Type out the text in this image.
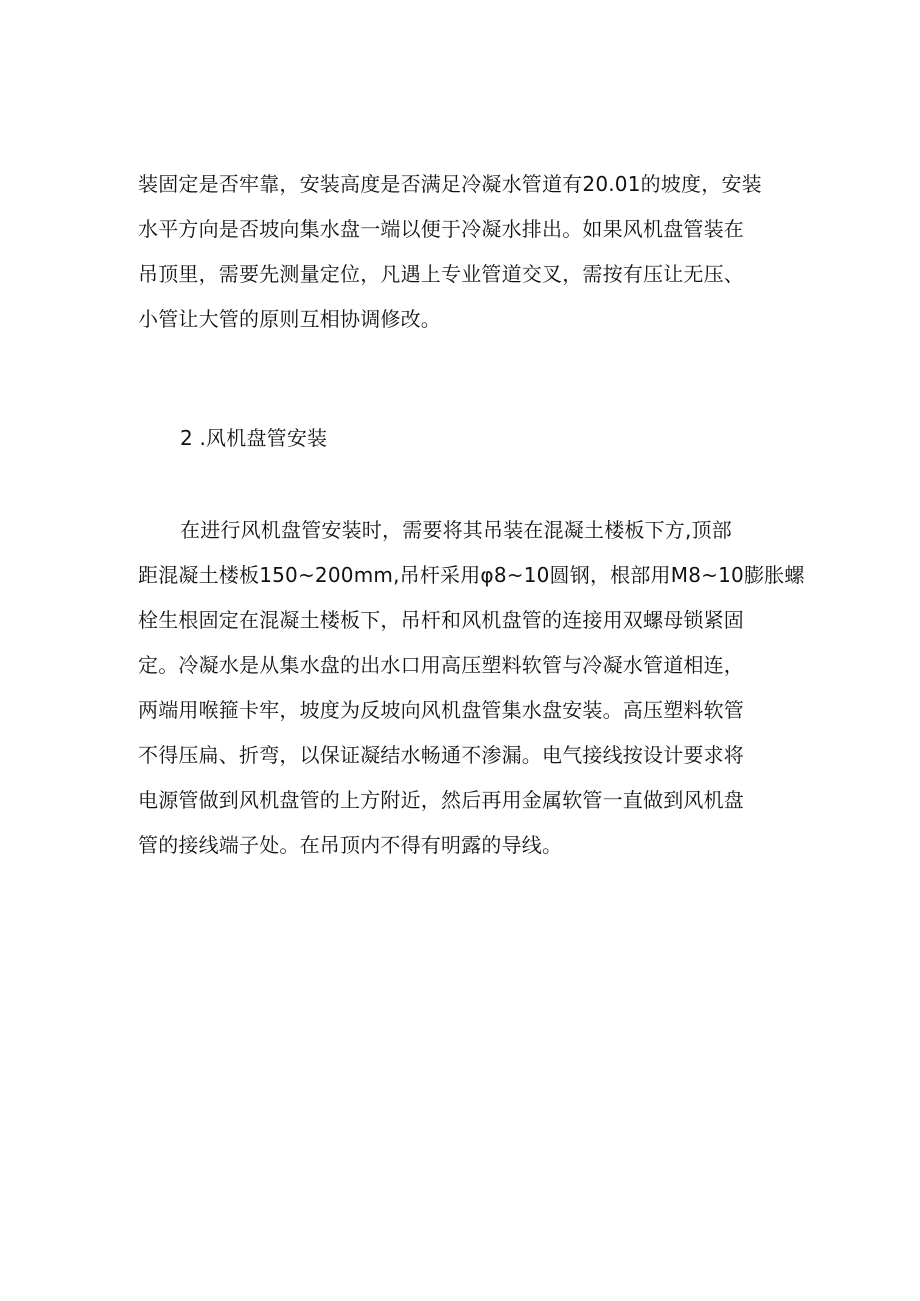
装固定是否牢靠，安装高度是否满足冷凝水管道有20.01的坡度，安装
水平方向是否坡向集水盘一端以便于冷凝水排出。如果风机盘管装在
吊顶里，需要先测量定位，凡遇上专业管道交叉，需按有压让无压、
小管让大管的原则互相协调修改。
2 .风机盘管安装
在进行风机盘管安装时，需要将其吊装在混凝土楼板下方,顶部
距混凝土楼板150~200mm,吊杆采用φ8~10圆钢，根部用M8~10膨胀螺
栓生根固定在混凝土楼板下，吊杆和风机盘管的连接用双螺母锁紧固
定。冷凝水是从集水盘的出水口用高压塑料软管与冷凝水管道相连，
两端用喉箍卡牢，坡度为反坡向风机盘管集水盘安装。高压塑料软管
不得压扁、折弯，以保证凝结水畅通不渗漏。电气接线按设计要求将
电源管做到风机盘管的上方附近，然后再用金属软管一直做到风机盘
管的接线端子处。在吊顶内不得有明露的导线。
